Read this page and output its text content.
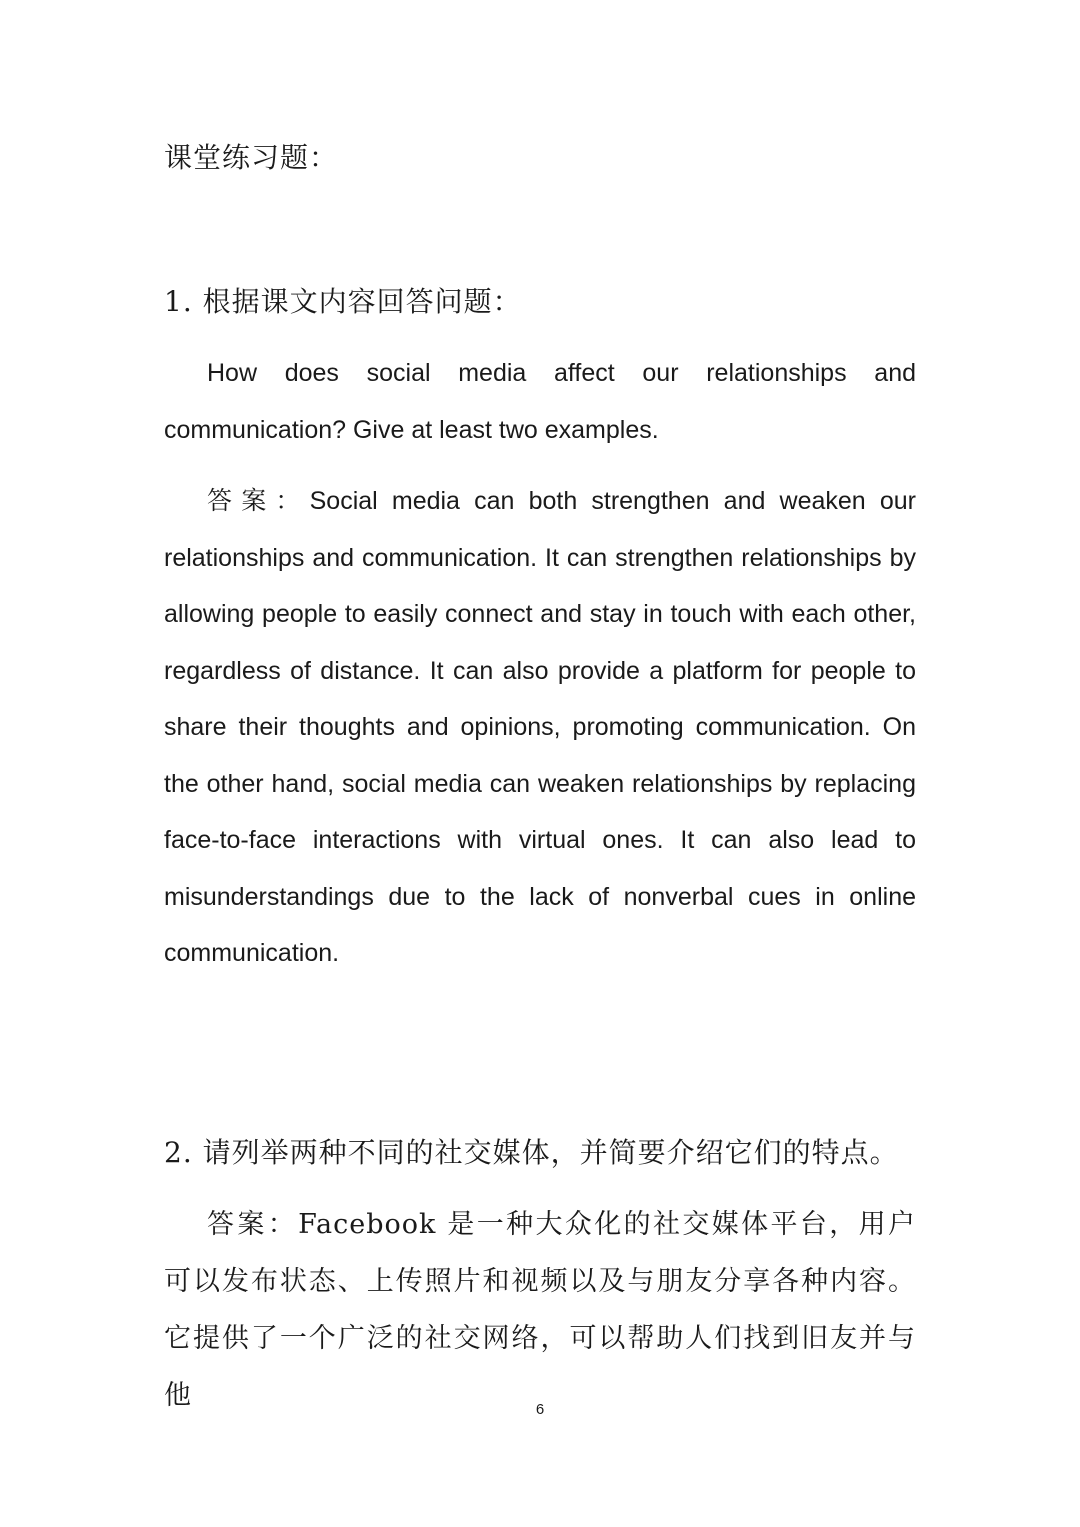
课堂练习题：
1. 根据课文内容回答问题：

How does social media affect our relationships and communication? Give at least two examples.

答案：Social media can both strengthen and weaken our relationships and communication. It can strengthen relationships by allowing people to easily connect and stay in touch with each other, regardless of distance. It can also provide a platform for people to share their thoughts and opinions, promoting communication. On the other hand, social media can weaken relationships by replacing face-to-face interactions with virtual ones. It can also lead to misunderstandings due to the lack of nonverbal cues in online communication.

2. 请列举两种不同的社交媒体，并简要介绍它们的特点。

答案：Facebook 是一种大众化的社交媒体平台，用户可以发布状态、上传照片和视频以及与朋友分享各种内容。它提供了一个广泛的社交网络，可以帮助人们找到旧友并与他	6
